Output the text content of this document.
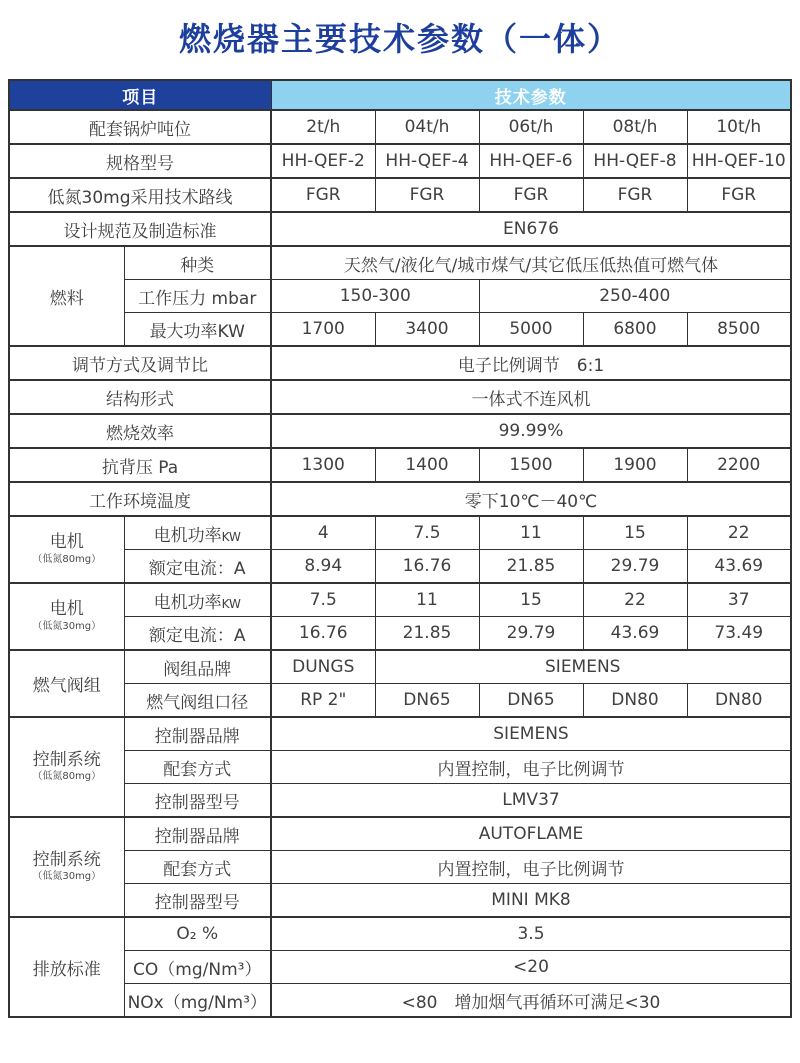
燃烧器主要技术参数（一体）
项目		技术参数				
配套锅炉吨位		2t/h	04t/h	06t/h	08t/h	10t/h
规格型号		HH-QEF-2	HH-QEF-4	HH-QEF-6	HH-QEF-8	HH-QEF-10
低氮30mg采用技术路线		FGR	FGR	FGR	FGR	FGR
设计规范及制造标准		EN676				
燃料	种类	天然气/液化气/城市煤气/其它低压低热值可燃气体				
	工作压力 mbar	150-300		250-400		
	最大功率KW	1700	3400	5000	6800	8500
调节方式及调节比		电子比例调节　6:1				
结构形式		一体式不连风机				
燃烧效率		99.99%				
抗背压 Pa		1300	1400	1500	1900	2200
工作环境温度		零下10℃－40℃				

电机
（低氮80mg）	电机功率KW	4	7.5	11	15	22
	额定电流：A	8.94	16.76	21.85	29.79	43.69

电机
（低氮30mg）	电机功率KW	7.5	11	15	22	37
	额定电流：A	16.76	21.85	29.79	43.69	73.49
燃气阀组	阀组品牌	DUNGS	SIEMENS			
	燃气阀组口径	RP 2"	DN65	DN65	DN80	DN80

控制系统
（低氮80mg）	控制器品牌	SIEMENS				
	配套方式	内置控制，电子比例调节				
	控制器型号	LMV37				

控制系统
（低氮30mg）	控制器品牌	AUTOFLAME				
	配套方式	内置控制，电子比例调节				
	控制器型号	MINI MK8				
排放标准	O₂ %	3.5				
	CO（mg/Nm³）	<20				
	NOx（mg/Nm³）	<80　增加烟气再循环可满足<30				
